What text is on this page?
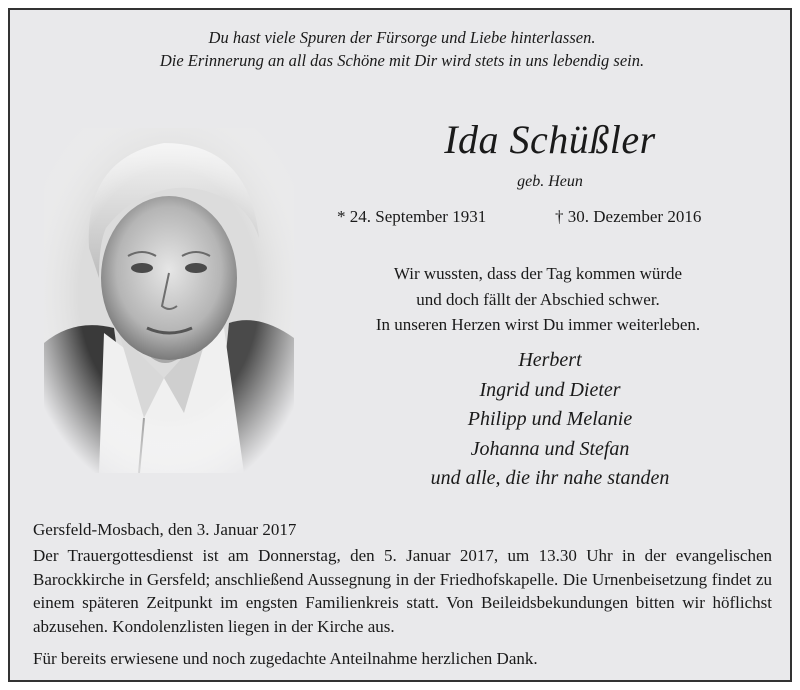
Du hast viele Spuren der Fürsorge und Liebe hinterlassen.
Die Erinnerung an all das Schöne mit Dir wird stets in uns lebendig sein.
Ida Schüßler
geb. Heun
* 24. September 1931	† 30. Dezember 2016
Wir wussten, dass der Tag kommen würde
und doch fällt der Abschied schwer.
In unseren Herzen wirst Du immer weiterleben.
Herbert
Ingrid und Dieter
Philipp und Melanie
Johanna und Stefan
und alle, die ihr nahe standen
Gersfeld-Mosbach, den 3. Januar 2017
Der Trauergottesdienst ist am Donnerstag, den 5. Januar 2017, um 13.30 Uhr in der evangelischen Barockkirche in Gersfeld; anschließend Aussegnung in der Friedhofskapelle. Die Urnenbeisetzung findet zu einem späteren Zeitpunkt im engsten Familienkreis statt. Von Beileidsbekundungen bitten wir höflichst abzusehen. Kondolenzlisten liegen in der Kirche aus.
Für bereits erwiesene und noch zugedachte Anteilnahme herzlichen Dank.
